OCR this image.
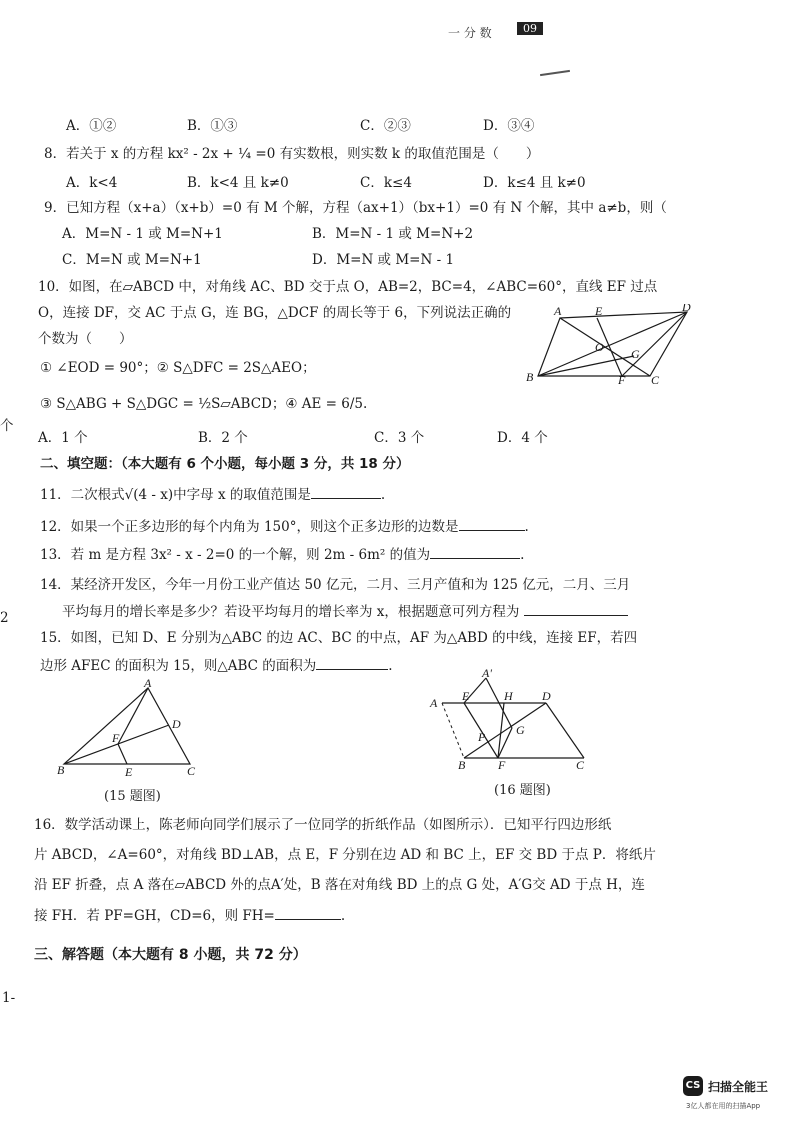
一 分 数	09
A．①②	B．①③	C．②③	D．③④
8．若关于 x 的方程 kx² - 2x + ¼ =0 有实数根，则实数 k 的取值范围是（　　）
A．k<4	B．k<4 且 k≠0	C．k≤4	D．k≤4 且 k≠0
9．已知方程（x+a）（x+b）=0 有 M 个解，方程（ax+1）（bx+1）=0 有 N 个解，其中 a≠b，则（
A．M=N - 1 或 M=N+1	B．M=N - 1 或 M=N+2
C．M=N 或 M=N+1	D．M=N 或 M=N - 1
10．如图，在▱ABCD 中，对角线 AC、BD 交于点 O，AB=2，BC=4，∠ABC=60°，直线 EF 过点
O，连接 DF，交 AC 于点 G，连 BG，△DCF 的周长等于 6，下列说法正确的
个数为（　　）
① ∠EOD = 90°；② S△DFC = 2S△AEO；
③ S△ABG + S△DGC = ½S▱ABCD；④ AE = 6/5.
A．1 个	B．2 个	C．3 个	D．4 个
A	E	D
O G
B	F C
二、填空题：（本大题有 6 个小题，每小题 3 分，共 18 分）
11．二次根式√(4 - x)中字母 x 的取值范围是	.
12．如果一个正多边形的每个内角为 150°，则这个正多边形的边数是	.
13．若 m 是方程 3x² - x - 2=0 的一个解，则 2m - 6m² 的值为	.
14．某经济开发区，今年一月份工业产值达 50 亿元，二月、三月产值和为 125 亿元，二月、三月
平均每月的增长率是多少？若设平均每月的增长率为 x，根据题意可列方程为
15．如图，已知 D、E 分别为△ABC 的边 AC、BC 的中点，AF 为△ABD 的中线，连接 EF，若四
边形 AFEC 的面积为 15，则△ABC 的面积为	.
A
B	C
D
E
F
(15 题图)
A'
A E	H D
G
P
B	F	C
(16 题图)
16．数学活动课上，陈老师向同学们展示了一位同学的折纸作品（如图所示）．已知平行四边形纸
片 ABCD，∠A=60°，对角线 BD⊥AB，点 E，F 分别在边 AD 和 BC 上，EF 交 BD 于点 P．将纸片
沿 EF 折叠，点 A 落在▱ABCD 外的点A′处，B 落在对角线 BD 上的点 G 处，A′G交 AD 于点 H，连
接 FH．若 PF=GH，CD=6，则 FH=	.
三、解答题（本大题有 8 小题，共 72 分）
个
2
1-
CS 扫描全能王
3亿人都在用的扫描App
